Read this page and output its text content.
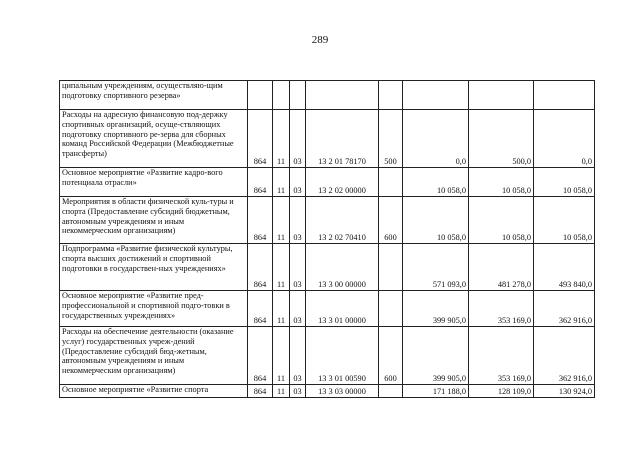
289
ципальным учреждениям, осуществляю-щим подготовку спортивного резерва»								
Расходы на адресную финансовую под-держку спортивных организаций, осуще-ствляющих подготовку спортивного ре-зерва для сборных команд Российской Федерации (Межбюджетные трансферты)	864	11	03	13 2 01 78170	500	0,0	500,0	0,0
Основное мероприятие «Развитие кадро-вого потенциала отрасли»	864	11	03	13 2 02 00000		10 058,0	10 058,0	10 058,0
Мероприятия в области физической куль-туры и спорта (Предоставление субсидий бюджетным, автономным учреждениям и иным некоммерческим организациям)	864	11	03	13 2 02 70410	600	10 058,0	10 058,0	10 058,0
Подпрограмма «Развитие физической культуры, спорта высших достижений и спортивной подготовки в государствен-ных учреждениях»	864	11	03	13 3 00 00000		571 093,0	481 278,0	493 840,0
Основное мероприятие «Развитие пред-профессиональной и спортивной подго-товки в государственных учреждениях»	864	11	03	13 3 01 00000		399 905,0	353 169,0	362 916,0
Расходы на обеспечение деятельности (оказание услуг) государственных учреж-дений (Предоставление субсидий бюд-жетным, автономным учреждениям и иным некоммерческим организациям)	864	11	03	13 3 01 00590	600	399 905,0	353 169,0	362 916,0
Основное мероприятие «Развитие спорта	864	11	03	13 3 03 00000		171 188,0	128 109,0	130 924,0
